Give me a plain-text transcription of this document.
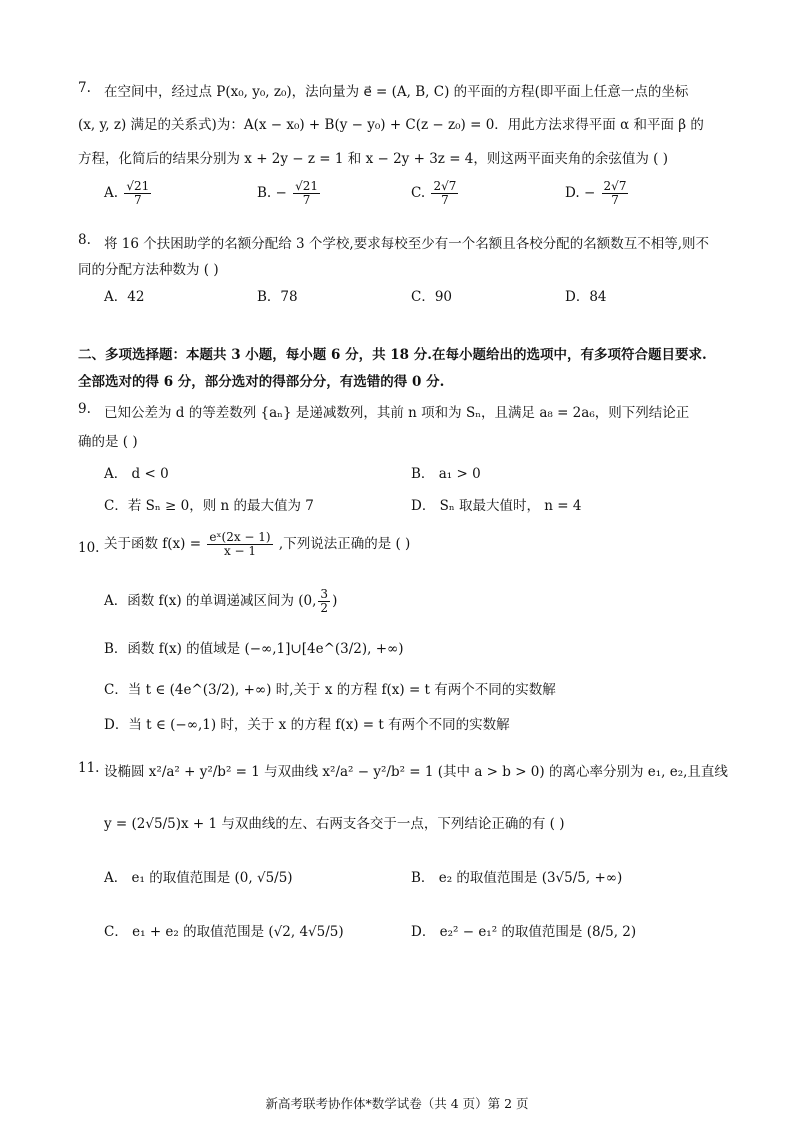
7. 在空间中，经过点 P(x₀, y₀, z₀)，法向量为 e⃗ = (A, B, C) 的平面的方程(即平面上任意一点的坐标
(x, y, z) 满足的关系式)为：A(x − x₀) + B(y − y₀) + C(z − z₀) = 0．用此方法求得平面 α 和平面 β 的
方程，化简后的结果分别为 x + 2y − z = 1 和 x − 2y + 3z = 4，则这两平面夹角的余弦值为 ( )
A. $\frac{√21}{7}$	B. − $\frac{√21}{7}$	C. $\frac{2√7}{7}$	D. − $\frac{2√7}{7}$
8. 将 16 个扶困助学的名额分配给 3 个学校,要求每校至少有一个名额且各校分配的名额数互不相等,则不
同的分配方法种数为 ( )
A．42	B．78	C．90	D．84
二、多项选择题：本题共 3 小题，每小题 6 分，共 18 分.在每小题给出的选项中，有多项符合题目要求.
全部选对的得 6 分，部分选对的得部分分，有选错的得 0 分.
9. 已知公差为 d 的等差数列 {aₙ} 是递减数列，其前 n 项和为 Sₙ，且满足 a₈ = 2a₆，则下列结论正
确的是 ( )
A． d < 0	B． a₁ > 0
C．若 Sₙ ≥ 0，则 n 的最大值为 7	D． Sₙ 取最大值时， n = 4
10. 关于函数 $f(x) = \frac{\text{eˣ(2x − 1)}}{x - 1}$ ,下列说法正确的是 ( )
A．函数 f(x) 的单调递减区间为 (0, $\frac{3}{2}$ )
B．函数 f(x) 的值域是 (−∞,1]∪[4e^(3/2), +∞)
C．当 t ∈ (4e^(3/2), +∞) 时,关于 x 的方程 f(x) = t 有两个不同的实数解
D．当 t ∈ (−∞,1) 时，关于 x 的方程 f(x) = t 有两个不同的实数解
11. 设椭圆 x²/a² + y²/b² = 1 与双曲线 x²/a² − y²/b² = 1 (其中 a > b > 0) 的离心率分别为 e₁, e₂,且直线
y = (2√5/5)x + 1 与双曲线的左、右两支各交于一点，下列结论正确的有 ( )
A． e₁ 的取值范围是 (0, √5/5)	B． e₂ 的取值范围是 (3√5/5, +∞)
C． e₁ + e₂ 的取值范围是 (√2, 4√5/5)	D． e₂² − e₁² 的取值范围是 (8/5, 2)
新高考联考协作体*数学试卷（共 4 页）第 2 页
